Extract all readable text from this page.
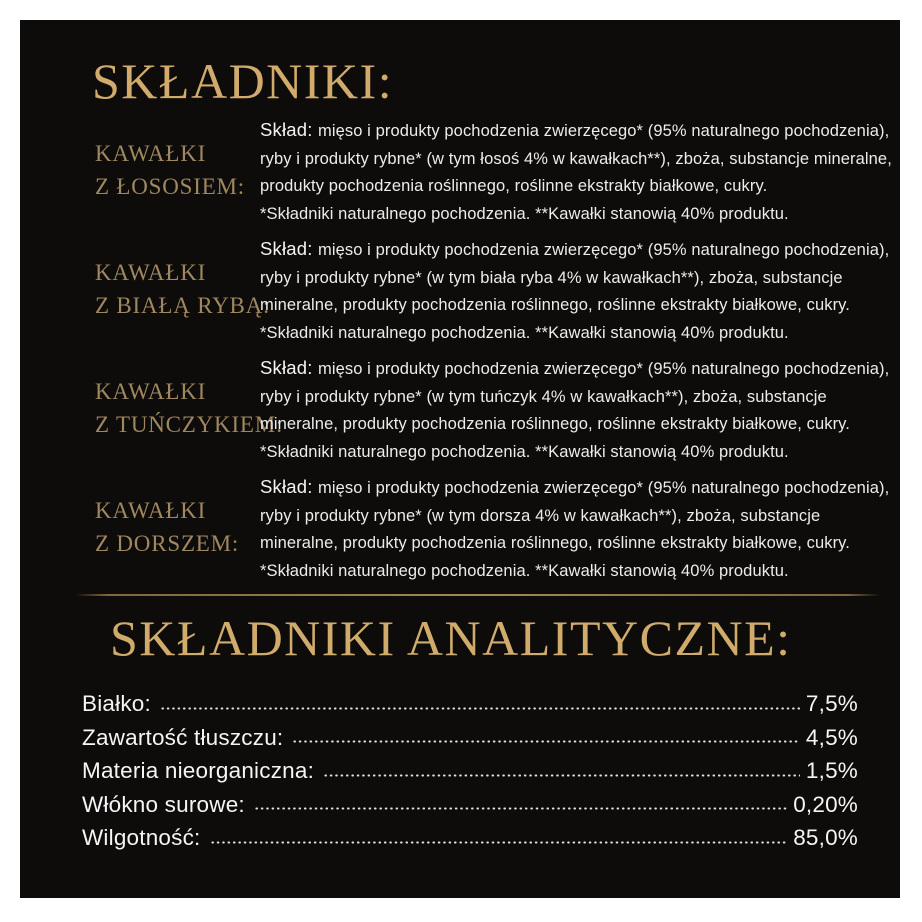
SKŁADNIKI:
KAWAŁKI
Z ŁOSOSIEM:
Skład: mięso i produkty pochodzenia zwierzęcego* (95% naturalnego pochodzenia),
ryby i produkty rybne* (w tym łosoś 4% w kawałkach**), zboża, substancje mineralne,
produkty pochodzenia roślinnego, roślinne ekstrakty białkowe, cukry.
*Składniki naturalnego pochodzenia. **Kawałki stanowią 40% produktu.
KAWAŁKI
Z BIAŁĄ RYBĄ:
Skład: mięso i produkty pochodzenia zwierzęcego* (95% naturalnego pochodzenia),
ryby i produkty rybne* (w tym biała ryba 4% w kawałkach**), zboża, substancje
mineralne, produkty pochodzenia roślinnego, roślinne ekstrakty białkowe, cukry.
*Składniki naturalnego pochodzenia. **Kawałki stanowią 40% produktu.
KAWAŁKI
Z TUŃCZYKIEM:
Skład: mięso i produkty pochodzenia zwierzęcego* (95% naturalnego pochodzenia),
ryby i produkty rybne* (w tym tuńczyk 4% w kawałkach**), zboża, substancje
mineralne, produkty pochodzenia roślinnego, roślinne ekstrakty białkowe, cukry.
*Składniki naturalnego pochodzenia. **Kawałki stanowią 40% produktu.
KAWAŁKI
Z DORSZEM:
Skład: mięso i produkty pochodzenia zwierzęcego* (95% naturalnego pochodzenia),
ryby i produkty rybne* (w tym dorsza 4% w kawałkach**), zboża, substancje
mineralne, produkty pochodzenia roślinnego, roślinne ekstrakty białkowe, cukry.
*Składniki naturalnego pochodzenia. **Kawałki stanowią 40% produktu.
SKŁADNIKI ANALITYCZNE:
Białko:	7,5%
Zawartość tłuszczu:	4,5%
Materia nieorganiczna:	1,5%
Włókno surowe:	0,20%
Wilgotność:	85,0%
